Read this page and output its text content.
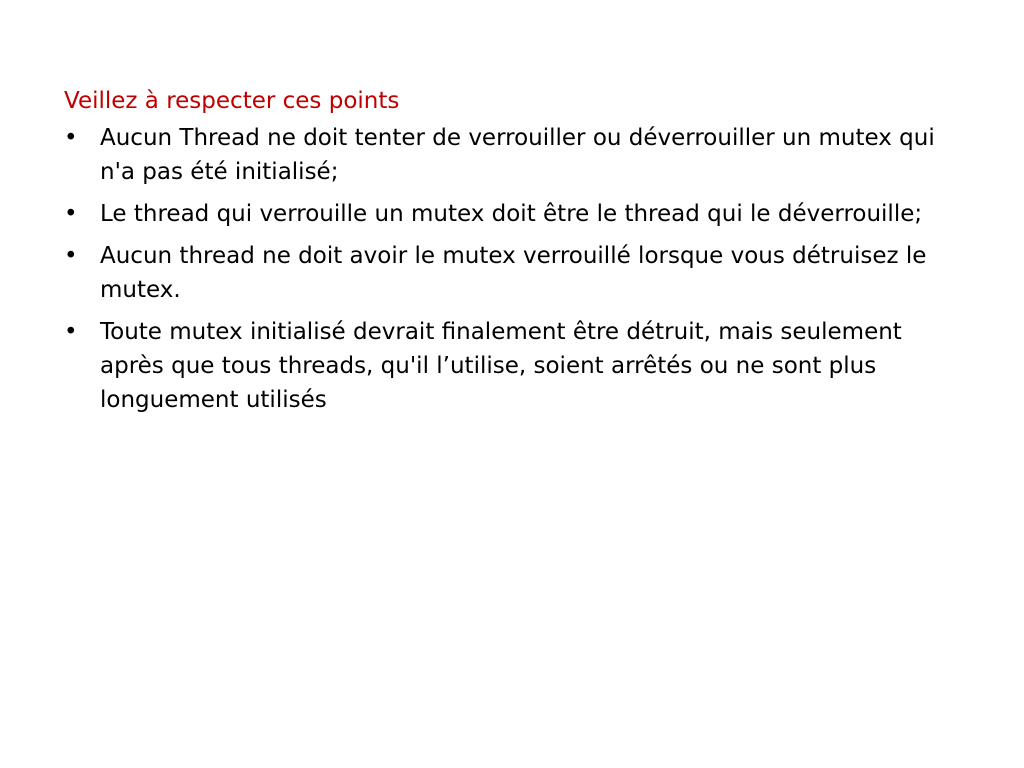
Veillez à respecter ces points
• Aucun Thread ne doit tenter de verrouiller ou déverrouiller un mutex qui n'a pas été initialisé;
• Le thread qui verrouille un mutex doit être le thread qui le déverrouille;
• Aucun thread ne doit avoir le mutex verrouillé lorsque vous détruisez le mutex.
• Toute mutex initialisé devrait finalement être détruit, mais seulement après que tous threads, qu'il l’utilise, soient arrêtés ou ne sont plus longuement utilisés
